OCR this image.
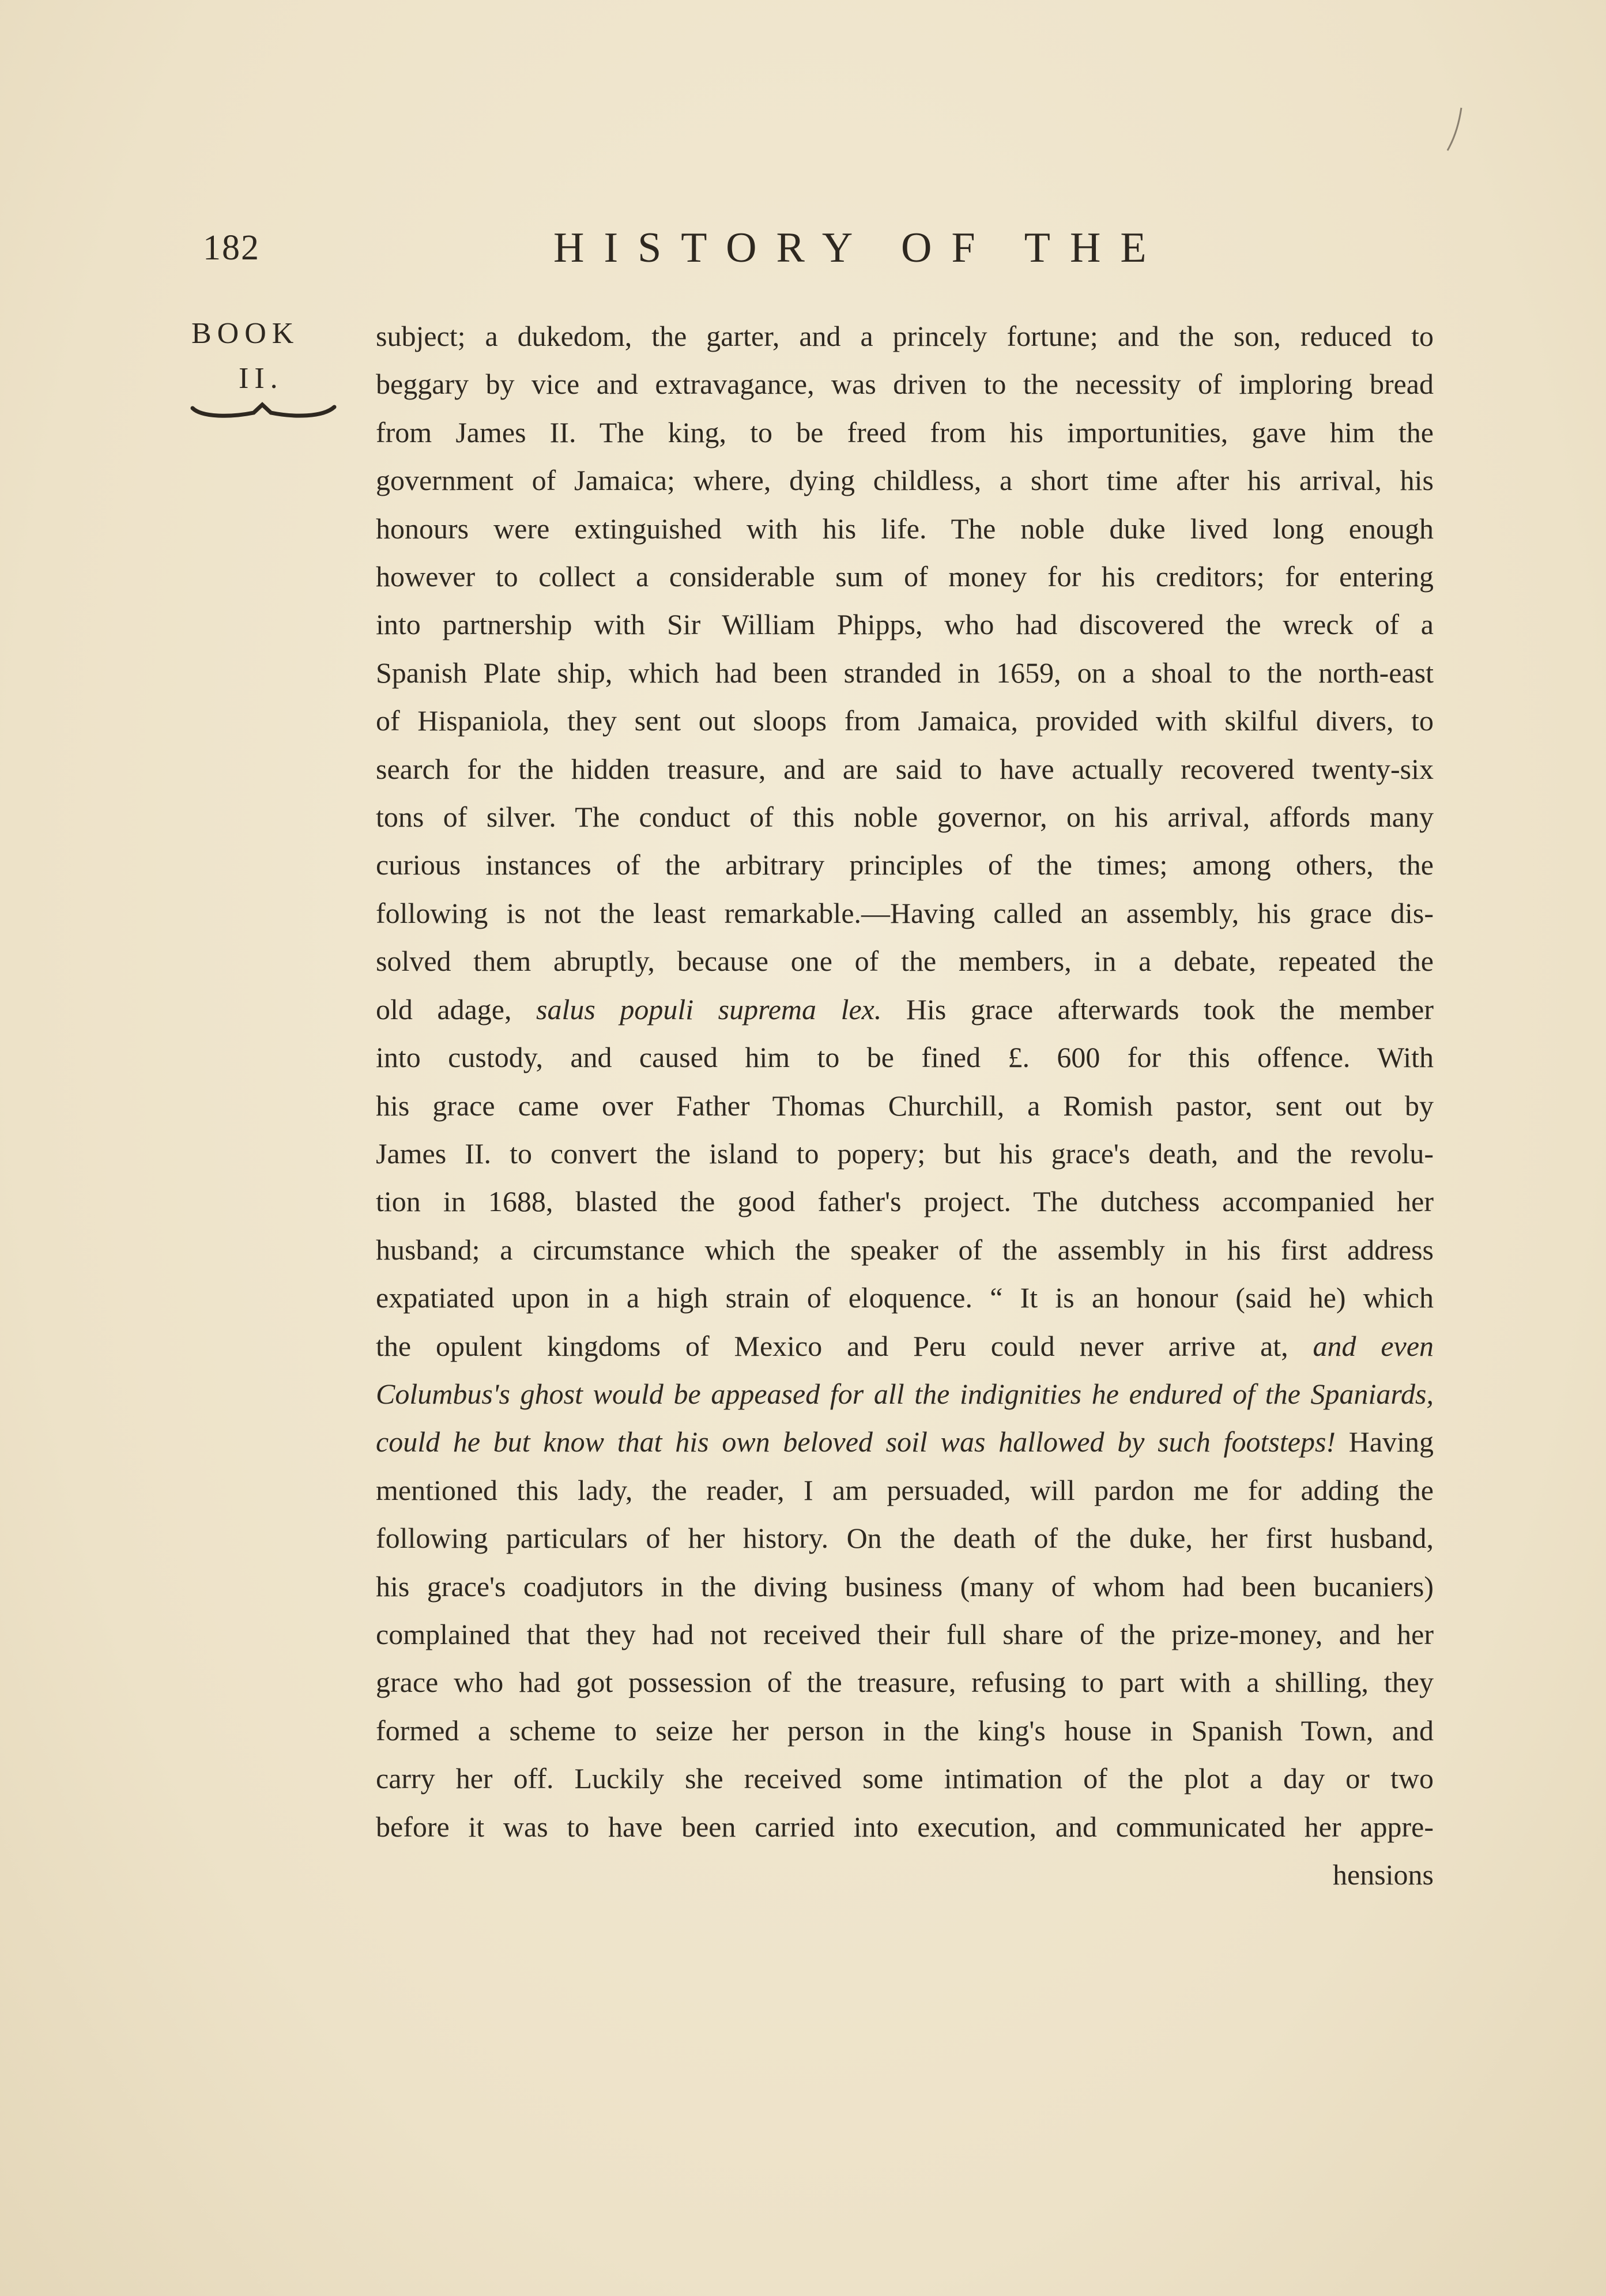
182	HISTORY OF THE
BOOK
II.
subject; a dukedom, the garter, and a princely fortune; and the son, reduced to
beggary by vice and extravagance, was driven to the necessity of imploring bread
from James II. The king, to be freed from his importunities, gave him the
government of Jamaica; where, dying childless, a short time after his arrival, his
honours were extinguished with his life. The noble duke lived long enough
however to collect a considerable sum of money for his creditors; for entering
into partnership with Sir William Phipps, who had discovered the wreck of a
Spanish Plate ship, which had been stranded in 1659, on a shoal to the north-east
of Hispaniola, they sent out sloops from Jamaica, provided with skilful divers, to
search for the hidden treasure, and are said to have actually recovered twenty-six
tons of silver. The conduct of this noble governor, on his arrival, affords many
curious instances of the arbitrary principles of the times; among others, the
following is not the least remarkable.—Having called an assembly, his grace dis-
solved them abruptly, because one of the members, in a debate, repeated the
old adage, salus populi suprema lex. His grace afterwards took the member
into custody, and caused him to be fined £. 600 for this offence. With
his grace came over Father Thomas Churchill, a Romish pastor, sent out by
James II. to convert the island to popery; but his grace's death, and the revolu-
tion in 1688, blasted the good father's project. The dutchess accompanied her
husband; a circumstance which the speaker of the assembly in his first address
expatiated upon in a high strain of eloquence. “ It is an honour (said he) which
the opulent kingdoms of Mexico and Peru could never arrive at, and even
Columbus's ghost would be appeased for all the indignities he endured of the Spaniards,
could he but know that his own beloved soil was hallowed by such footsteps! Having
mentioned this lady, the reader, I am persuaded, will pardon me for adding the
following particulars of her history. On the death of the duke, her first husband,
his grace's coadjutors in the diving business (many of whom had been bucaniers)
complained that they had not received their full share of the prize-money, and her
grace who had got possession of the treasure, refusing to part with a shilling, they
formed a scheme to seize her person in the king's house in Spanish Town, and
carry her off. Luckily she received some intimation of the plot a day or two
before it was to have been carried into execution, and communicated her appre-
hensions
